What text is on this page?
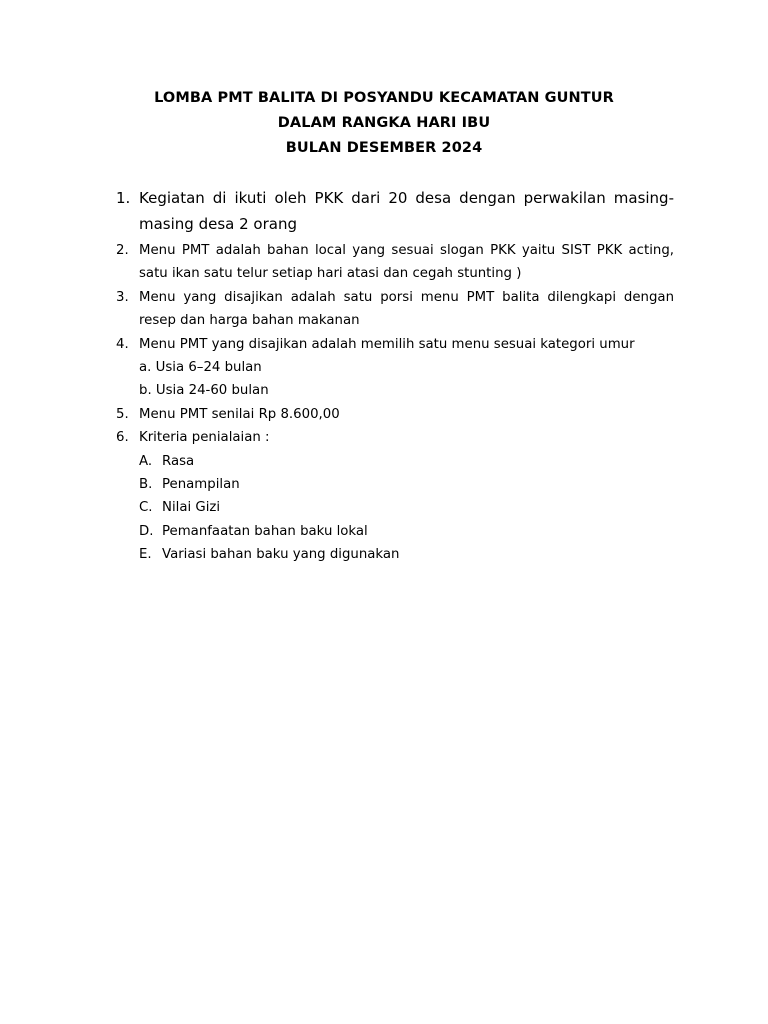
LOMBA PMT BALITA DI POSYANDU KECAMATAN GUNTUR
DALAM RANGKA HARI IBU
BULAN DESEMBER 2024
1. Kegiatan di ikuti oleh PKK dari 20 desa dengan perwakilan masing-masing desa 2 orang
2. Menu PMT adalah bahan local yang sesuai slogan PKK yaitu SIST PKK acting, satu ikan satu telur setiap hari atasi dan cegah stunting )
3. Menu yang disajikan adalah satu porsi menu PMT balita dilengkapi dengan resep dan harga bahan makanan
4. Menu PMT yang disajikan adalah memilih satu menu sesuai kategori umur
a. Usia 6–24 bulan
b. Usia 24-60 bulan
5. Menu PMT senilai Rp 8.600,00
6. Kriteria penialaian :
A. Rasa
B. Penampilan
C. Nilai Gizi
D. Pemanfaatan bahan baku lokal
E. Variasi bahan baku yang digunakan
